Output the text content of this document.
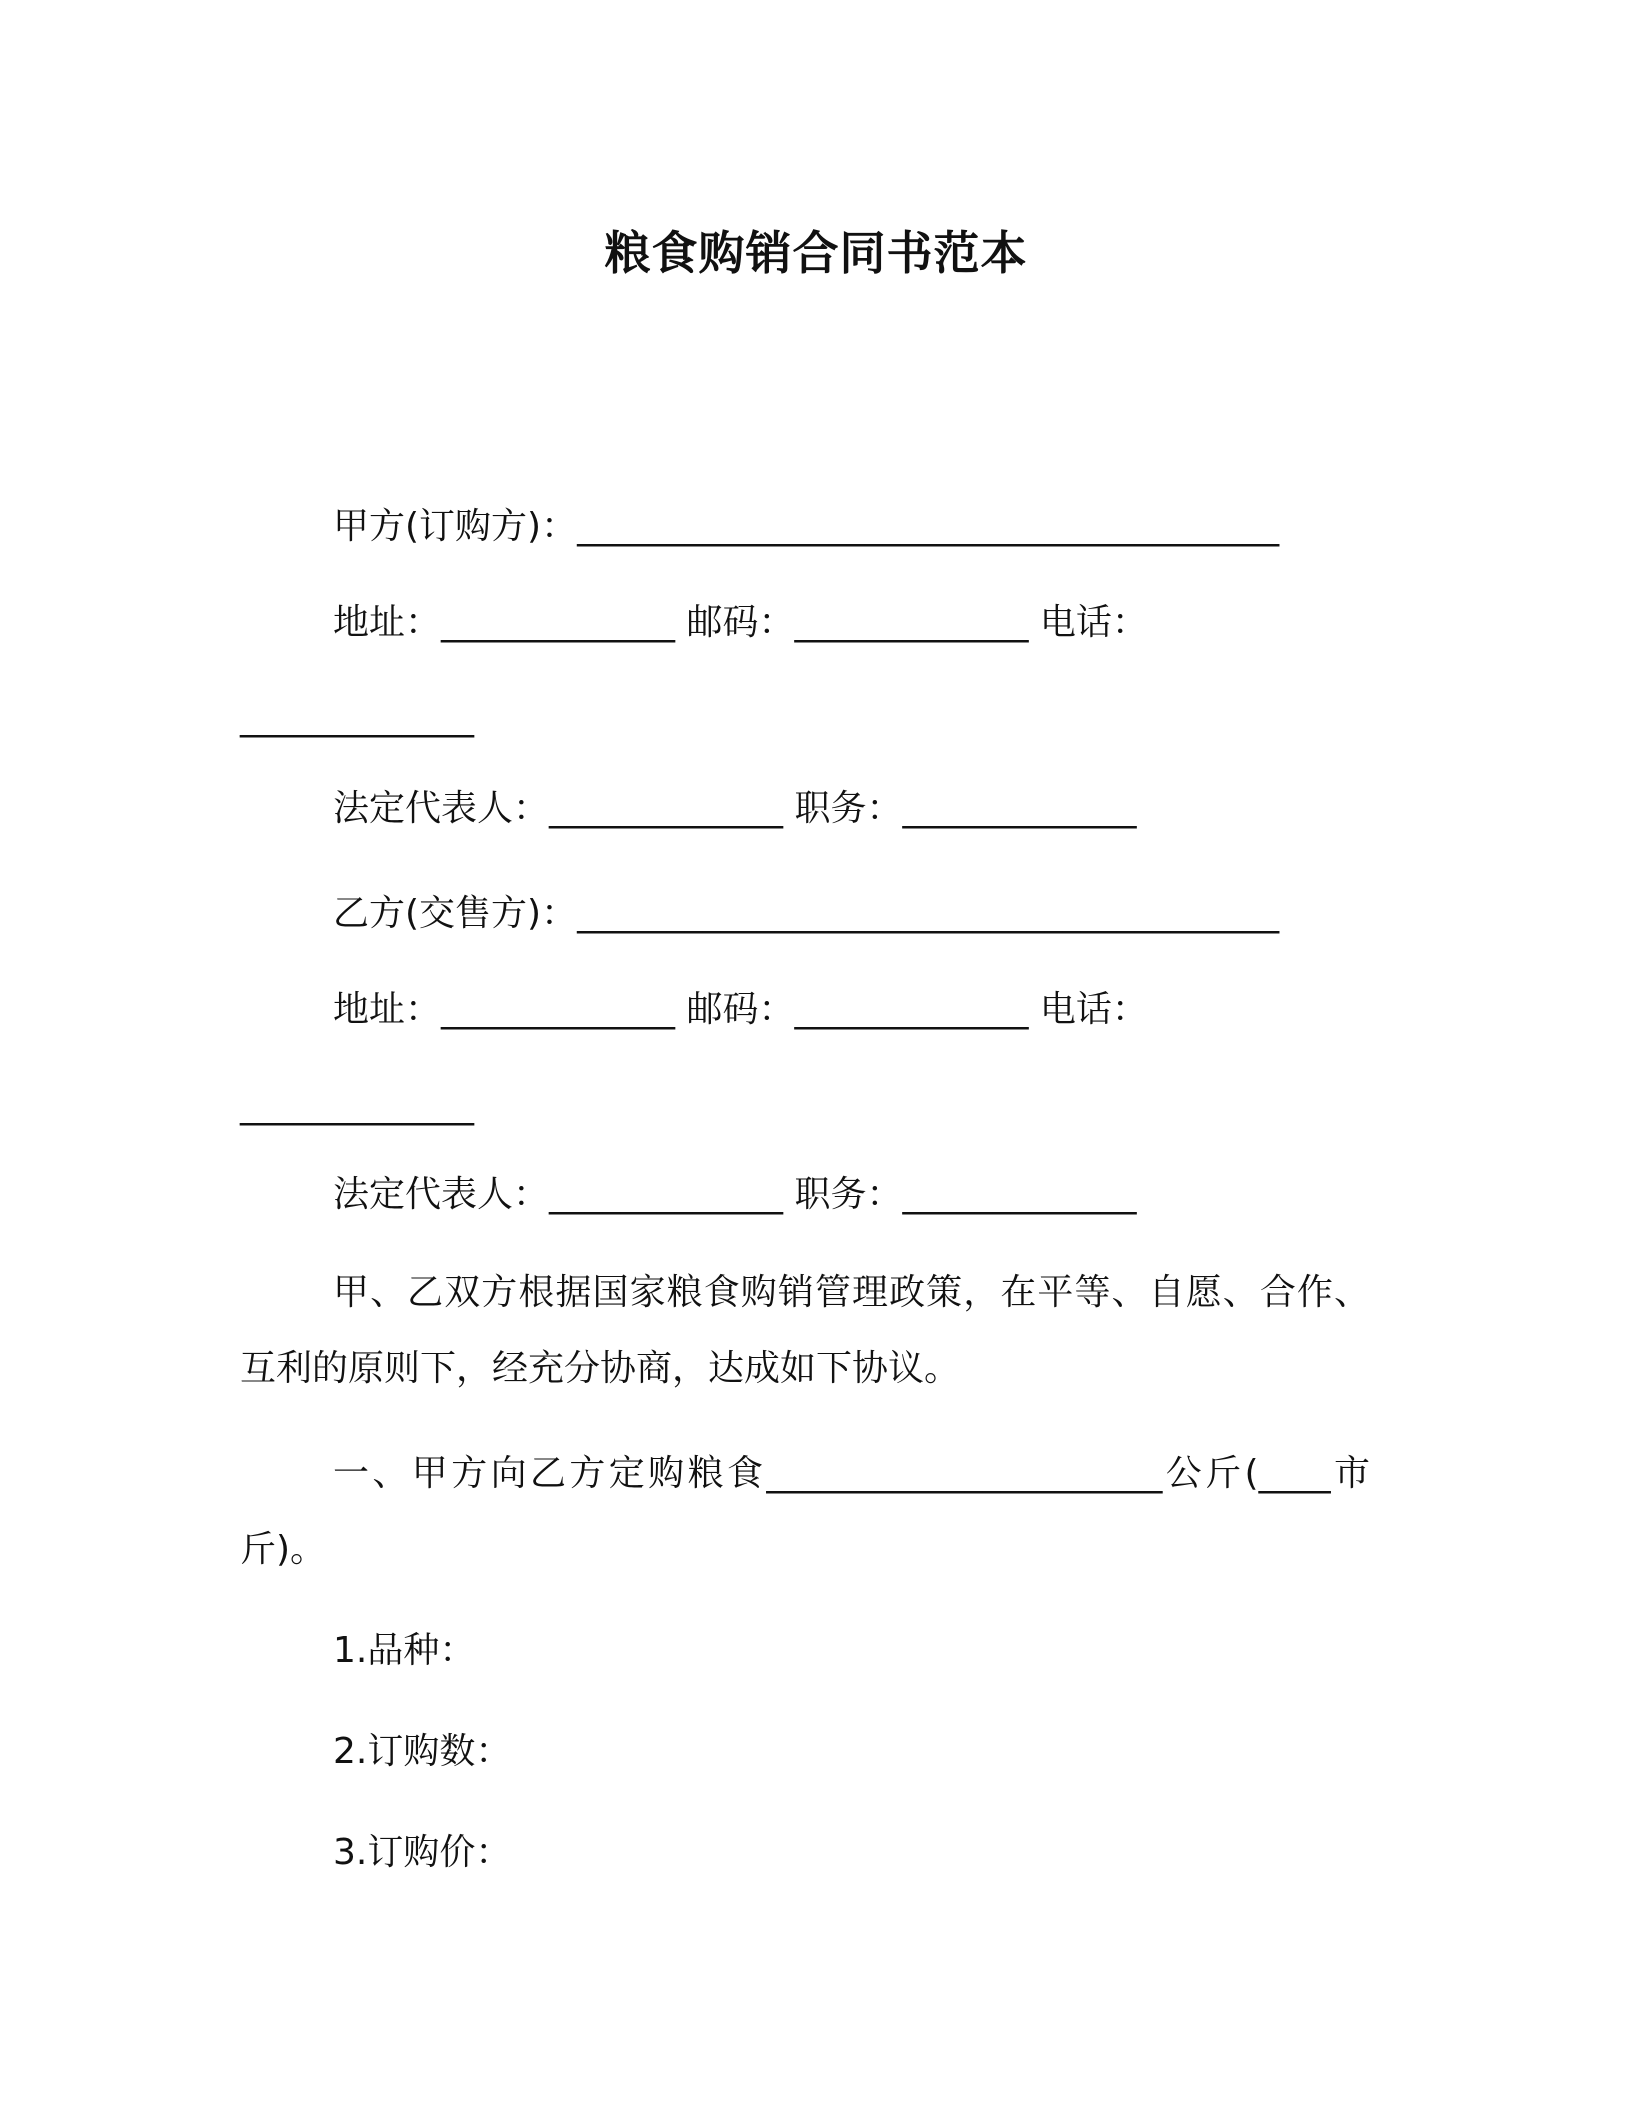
粮食购销合同书范本

甲方(订购方)：_______________________________________

地址：_____________ 邮码：_____________ 电话：

_____________

法定代表人：_____________ 职务：_____________

乙方(交售方)：_______________________________________

地址：_____________ 邮码：_____________ 电话：

_____________

法定代表人：_____________ 职务：_____________

甲、乙双方根据国家粮食购销管理政策，在平等、自愿、合作、互利的原则下，经充分协商，达成如下协议。

一、甲方向乙方定购粮食______________________公斤(____市斤)。

1.品种：

2.订购数：

3.订购价：
